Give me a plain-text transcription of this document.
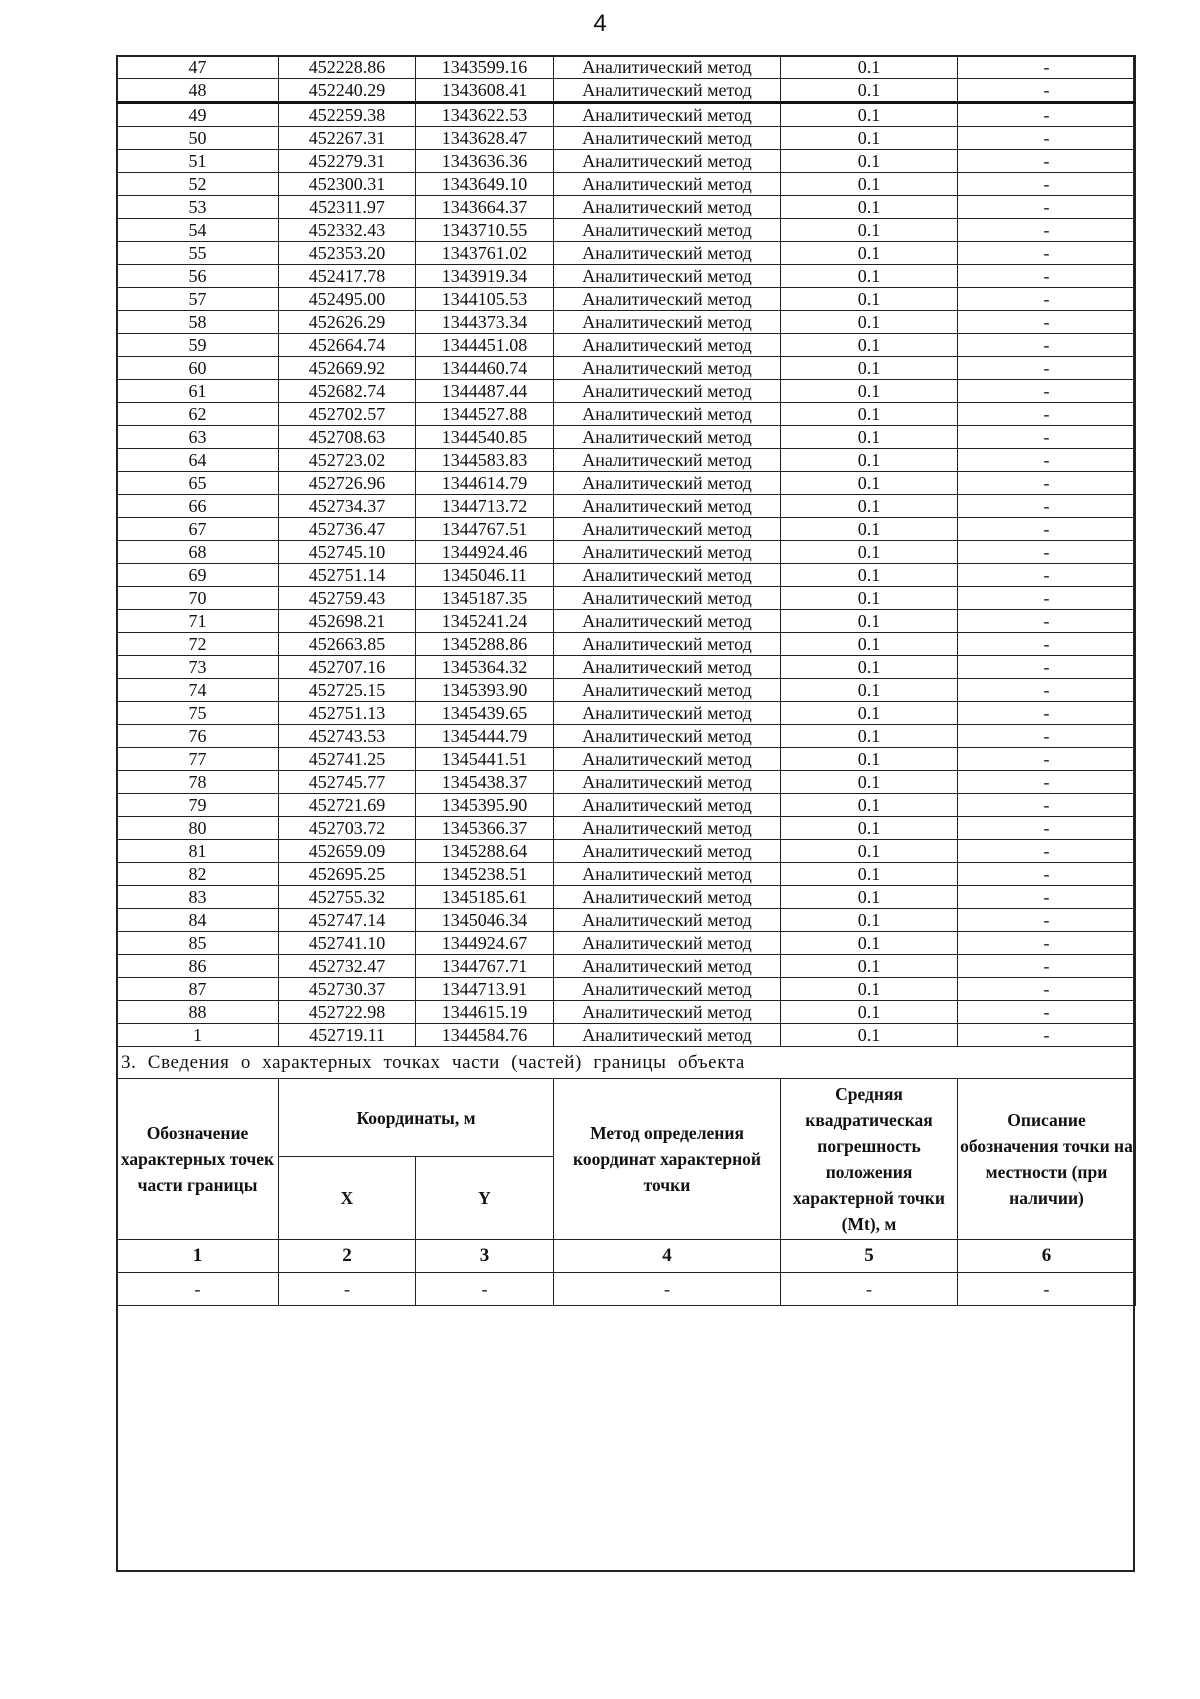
4
47	452228.86	1343599.16	Аналитический метод	0.1	-
48	452240.29	1343608.41	Аналитический метод	0.1	-
49	452259.38	1343622.53	Аналитический метод	0.1	-
50	452267.31	1343628.47	Аналитический метод	0.1	-
51	452279.31	1343636.36	Аналитический метод	0.1	-
52	452300.31	1343649.10	Аналитический метод	0.1	-
53	452311.97	1343664.37	Аналитический метод	0.1	-
54	452332.43	1343710.55	Аналитический метод	0.1	-
55	452353.20	1343761.02	Аналитический метод	0.1	-
56	452417.78	1343919.34	Аналитический метод	0.1	-
57	452495.00	1344105.53	Аналитический метод	0.1	-
58	452626.29	1344373.34	Аналитический метод	0.1	-
59	452664.74	1344451.08	Аналитический метод	0.1	-
60	452669.92	1344460.74	Аналитический метод	0.1	-
61	452682.74	1344487.44	Аналитический метод	0.1	-
62	452702.57	1344527.88	Аналитический метод	0.1	-
63	452708.63	1344540.85	Аналитический метод	0.1	-
64	452723.02	1344583.83	Аналитический метод	0.1	-
65	452726.96	1344614.79	Аналитический метод	0.1	-
66	452734.37	1344713.72	Аналитический метод	0.1	-
67	452736.47	1344767.51	Аналитический метод	0.1	-
68	452745.10	1344924.46	Аналитический метод	0.1	-
69	452751.14	1345046.11	Аналитический метод	0.1	-
70	452759.43	1345187.35	Аналитический метод	0.1	-
71	452698.21	1345241.24	Аналитический метод	0.1	-
72	452663.85	1345288.86	Аналитический метод	0.1	-
73	452707.16	1345364.32	Аналитический метод	0.1	-
74	452725.15	1345393.90	Аналитический метод	0.1	-
75	452751.13	1345439.65	Аналитический метод	0.1	-
76	452743.53	1345444.79	Аналитический метод	0.1	-
77	452741.25	1345441.51	Аналитический метод	0.1	-
78	452745.77	1345438.37	Аналитический метод	0.1	-
79	452721.69	1345395.90	Аналитический метод	0.1	-
80	452703.72	1345366.37	Аналитический метод	0.1	-
81	452659.09	1345288.64	Аналитический метод	0.1	-
82	452695.25	1345238.51	Аналитический метод	0.1	-
83	452755.32	1345185.61	Аналитический метод	0.1	-
84	452747.14	1345046.34	Аналитический метод	0.1	-
85	452741.10	1344924.67	Аналитический метод	0.1	-
86	452732.47	1344767.71	Аналитический метод	0.1	-
87	452730.37	1344713.91	Аналитический метод	0.1	-
88	452722.98	1344615.19	Аналитический метод	0.1	-
1	452719.11	1344584.76	Аналитический метод	0.1	-
3. Сведения о характерных точках части (частей) границы объекта					
Обозначение характерных точек части границы	Координаты, м		Метод определения координат характерной точки	Средняя квадратическая погрешность положения характерной точки (Mt), м	Описание обозначения точки на местности (при наличии)
	X	Y			
1	2	3	4	5	6
-	-	-	-	-	-
